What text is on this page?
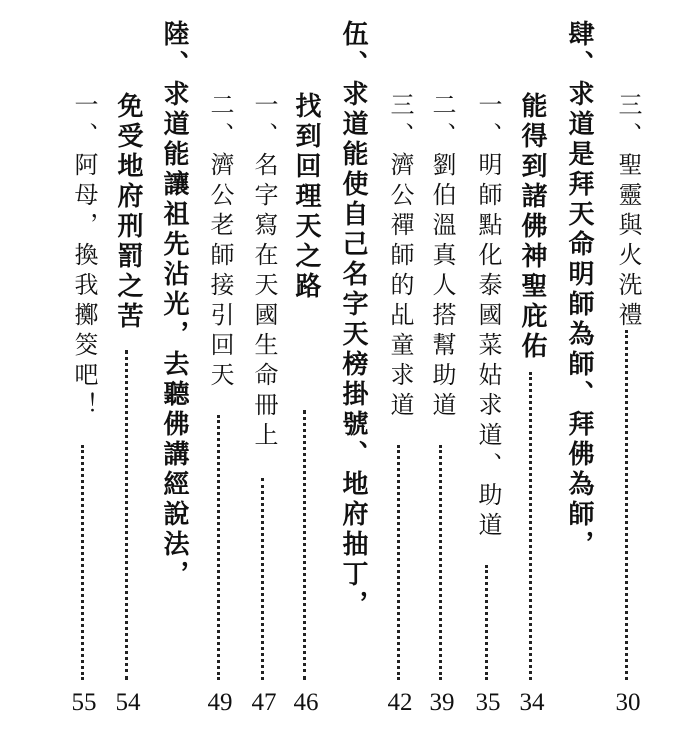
三、聖靈與火洗禮
30
肆、求道是拜天命明師為師、拜佛為師，
能得到諸佛神聖庇佑
34
一、明師點化泰國菜姑求道、助道
35
二、劉伯溫真人搭幫助道
39
三、濟公禪師的乩童求道
42
伍、求道能使自己名字天榜掛號、地府抽丁，
找到回理天之路
46
一、名字寫在天國生命冊上
47
二、濟公老師接引回天
49
陸、求道能讓祖先沾光，去聽佛講經說法，
免受地府刑罰之苦
54
一、阿母，換我擲筊吧！
55
